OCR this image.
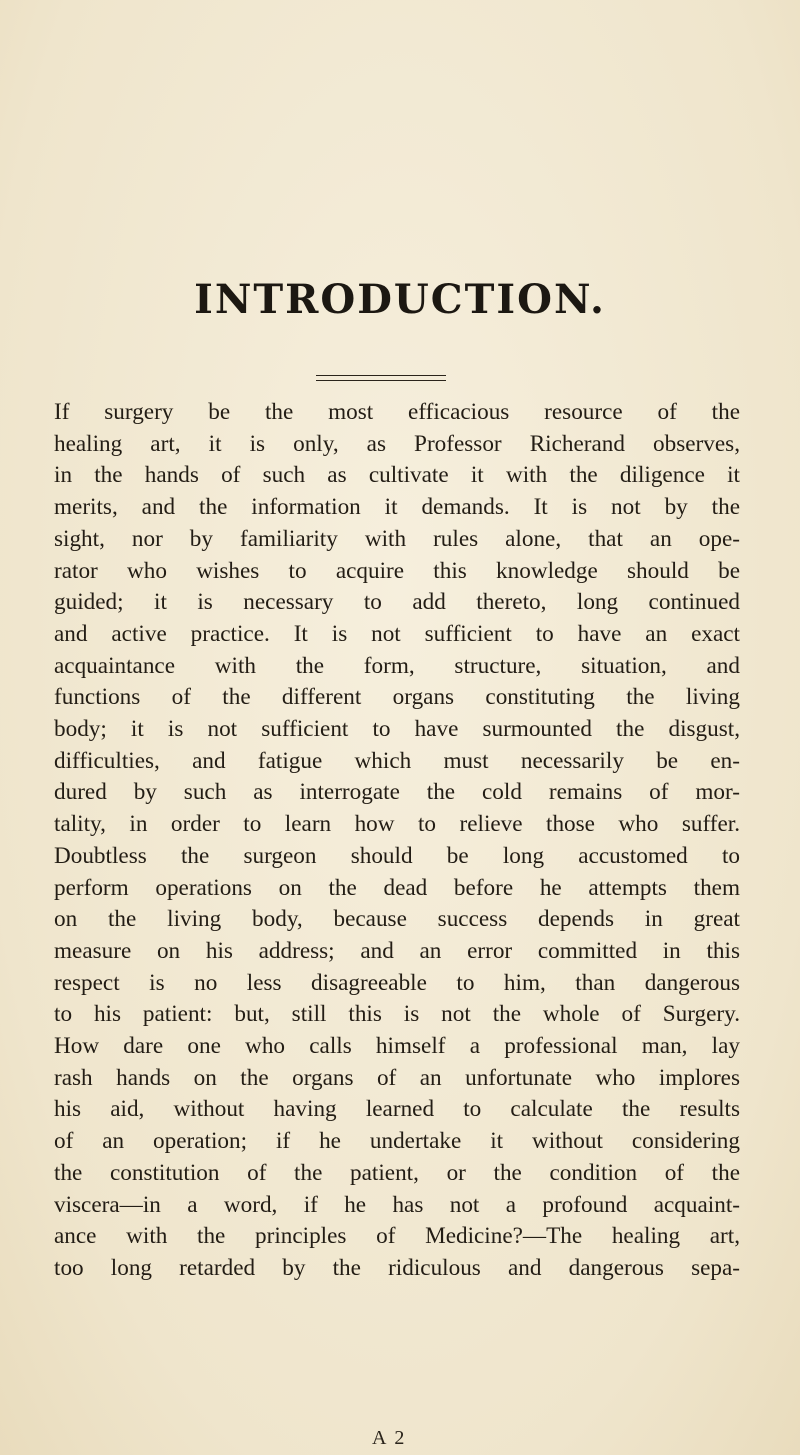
INTRODUCTION.
If surgery be the most efficacious resource of the
healing art, it is only, as Professor Richerand observes,
in the hands of such as cultivate it with the diligence it
merits, and the information it demands. It is not by the
sight, nor by familiarity with rules alone, that an ope-
rator who wishes to acquire this knowledge should be
guided; it is necessary to add thereto, long continued
and active practice. It is not sufficient to have an exact
acquaintance with the form, structure, situation, and
functions of the different organs constituting the living
body; it is not sufficient to have surmounted the disgust,
difficulties, and fatigue which must necessarily be en-
dured by such as interrogate the cold remains of mor-
tality, in order to learn how to relieve those who suffer.
Doubtless the surgeon should be long accustomed to
perform operations on the dead before he attempts them
on the living body, because success depends in great
measure on his address; and an error committed in this
respect is no less disagreeable to him, than dangerous
to his patient: but, still this is not the whole of Surgery.
How dare one who calls himself a professional man, lay
rash hands on the organs of an unfortunate who implores
his aid, without having learned to calculate the results
of an operation; if he undertake it without considering
the constitution of the patient, or the condition of the
viscera—in a word, if he has not a profound acquaint-
ance with the principles of Medicine?—The healing art,
too long retarded by the ridiculous and dangerous sepa-
A 2
